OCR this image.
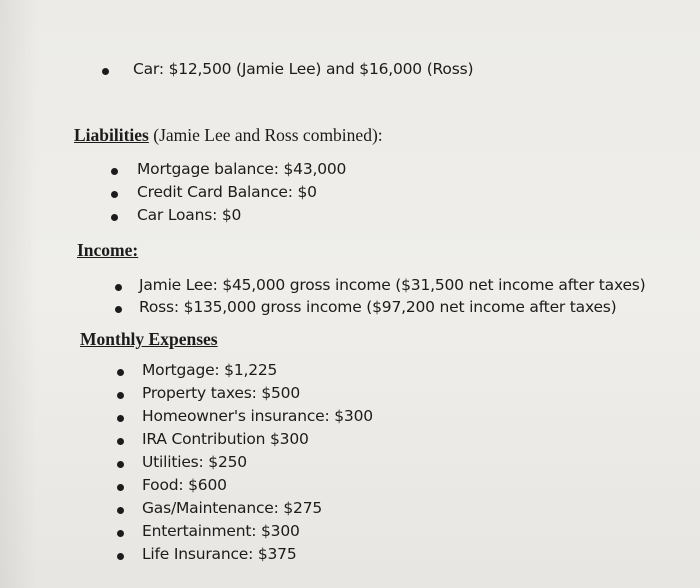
Car: $12,500 (Jamie Lee) and $16,000 (Ross)
Liabilities (Jamie Lee and Ross combined):
Mortgage balance: $43,000
Credit Card Balance: $0
Car Loans: $0
Income:
Jamie Lee: $45,000 gross income ($31,500 net income after taxes)
Ross: $135,000 gross income ($97,200 net income after taxes)
Monthly Expenses
Mortgage: $1,225
Property taxes: $500
Homeowner's insurance: $300
IRA Contribution $300
Utilities: $250
Food: $600
Gas/Maintenance: $275
Entertainment: $300
Life Insurance: $375
